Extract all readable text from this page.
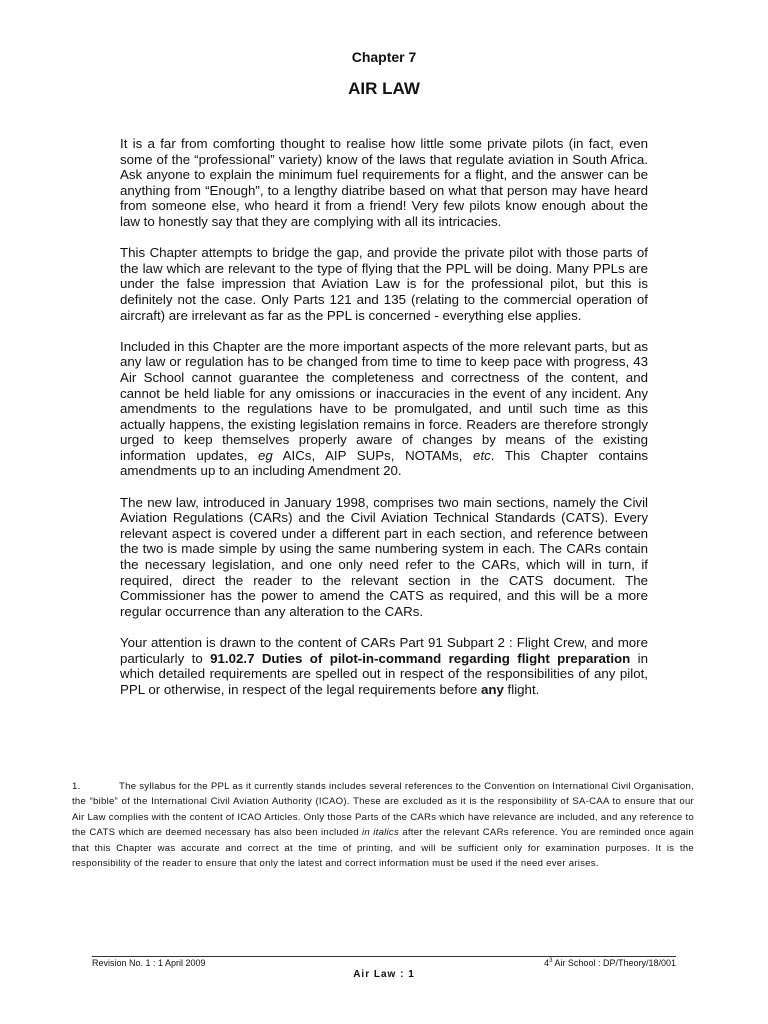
Chapter 7
AIR LAW

It is a far from comforting thought to realise how little some private pilots (in fact, even some of the “professional” variety) know of the laws that regulate aviation in South Africa. Ask anyone to explain the minimum fuel requirements for a flight, and the answer can be anything from “Enough”, to a lengthy diatribe based on what that person may have heard from someone else, who heard it from a friend! Very few pilots know enough about the law to honestly say that they are complying with all its intricacies.

This Chapter attempts to bridge the gap, and provide the private pilot with those parts of the law which are relevant to the type of flying that the PPL will be doing. Many PPLs are under the false impression that Aviation Law is for the professional pilot, but this is definitely not the case. Only Parts 121 and 135 (relating to the commercial operation of aircraft) are irrelevant as far as the PPL is concerned - everything else applies.

Included in this Chapter are the more important aspects of the more relevant parts, but as any law or regulation has to be changed from time to time to keep pace with progress, 43 Air School cannot guarantee the completeness and correctness of the content, and cannot be held liable for any omissions or inaccuracies in the event of any incident. Any amendments to the regulations have to be promulgated, and until such time as this actually happens, the existing legislation remains in force. Readers are therefore strongly urged to keep themselves properly aware of changes by means of the existing information updates, eg AICs, AIP SUPs, NOTAMs, etc. This Chapter contains amendments up to an including Amendment 20.

The new law, introduced in January 1998, comprises two main sections, namely the Civil Aviation Regulations (CARs) and the Civil Aviation Technical Standards (CATS). Every relevant aspect is covered under a different part in each section, and reference between the two is made simple by using the same numbering system in each. The CARs contain the necessary legislation, and one only need refer to the CARs, which will in turn, if required, direct the reader to the relevant section in the CATS document. The Commissioner has the power to amend the CATS as required, and this will be a more regular occurrence than any alteration to the CARs.

Your attention is drawn to the content of CARs Part 91 Subpart 2 : Flight Crew, and more particularly to 91.02.7 Duties of pilot-in-command regarding flight preparation in which detailed requirements are spelled out in respect of the responsibilities of any pilot, PPL or otherwise, in respect of the legal requirements before any flight.

1.	The syllabus for the PPL as it currently stands includes several references to the Convention on International Civil Organisation, the “bible” of the International Civil Aviation Authority (ICAO). These are excluded as it is the responsibility of SA-CAA to ensure that our Air Law complies with the content of ICAO Articles. Only those Parts of the CARs which have relevance are included, and any reference to the CATS which are deemed necessary has also been included in italics after the relevant CARs reference. You are reminded once again that this Chapter was accurate and correct at the time of printing, and will be sufficient only for examination purposes. It is the responsibility of the reader to ensure that only the latest and correct information must be used if the need ever arises.
Revision No. 1 : 1 April 2009	$4^3$ Air School : DP/Theory/18/001
Air Law : 1
